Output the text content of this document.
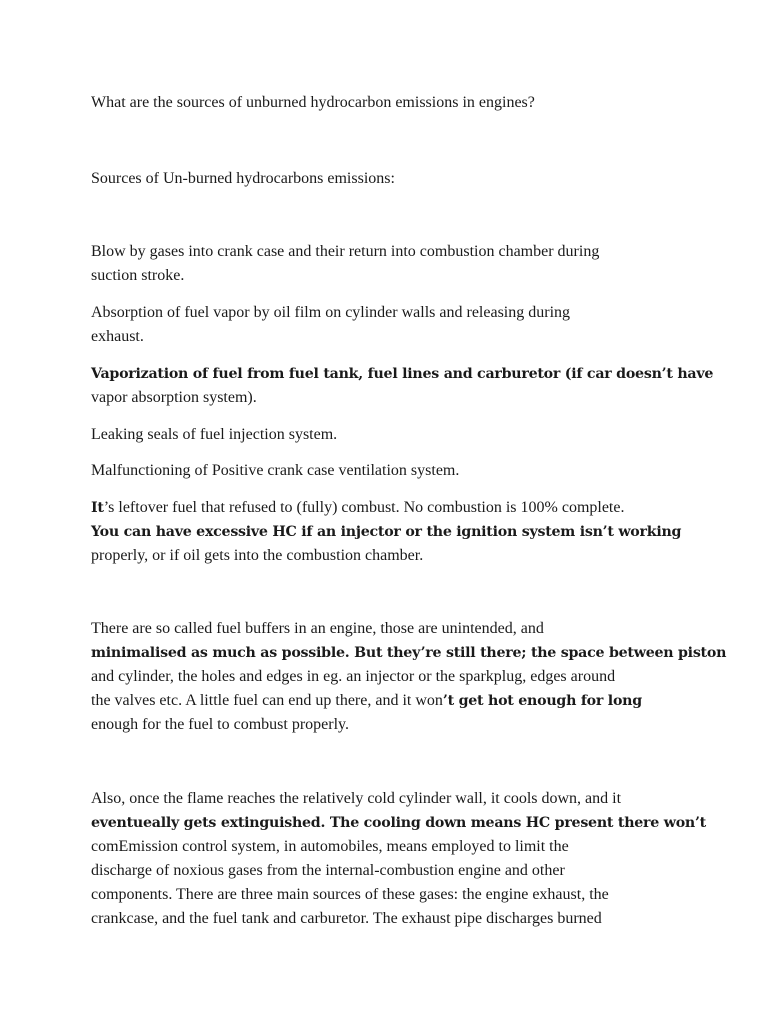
What are the sources of unburned hydrocarbon emissions in engines?

Sources of Un-burned hydrocarbons emissions:

Blow by gases into crank case and their return into combustion chamber during

suction stroke.

Absorption of fuel vapor by oil film on cylinder walls and releasing during

exhaust.

Vaporization of fuel from fuel tank, fuel lines and carburetor (if car doesn’t have

vapor absorption system).

Leaking seals of fuel injection system.

Malfunctioning of Positive crank case ventilation system.

It’s leftover fuel that refused to (fully) combust. No combustion is 100% complete.

You can have excessive HC if an injector or the ignition system isn’t working

properly, or if oil gets into the combustion chamber.

There are so called fuel buffers in an engine, those are unintended, and

minimalised as much as possible. But they’re still there; the space between piston

and cylinder, the holes and edges in eg. an injector or the sparkplug, edges around

the valves etc. A little fuel can end up there, and it won’t get hot enough for long

enough for the fuel to combust properly.

Also, once the flame reaches the relatively cold cylinder wall, it cools down, and it

eventueally gets extinguished. The cooling down means HC present there won’t

comEmission control system, in automobiles, means employed to limit the

discharge of noxious gases from the internal-combustion engine and other

components. There are three main sources of these gases: the engine exhaust, the

crankcase, and the fuel tank and carburetor. The exhaust pipe discharges burned
